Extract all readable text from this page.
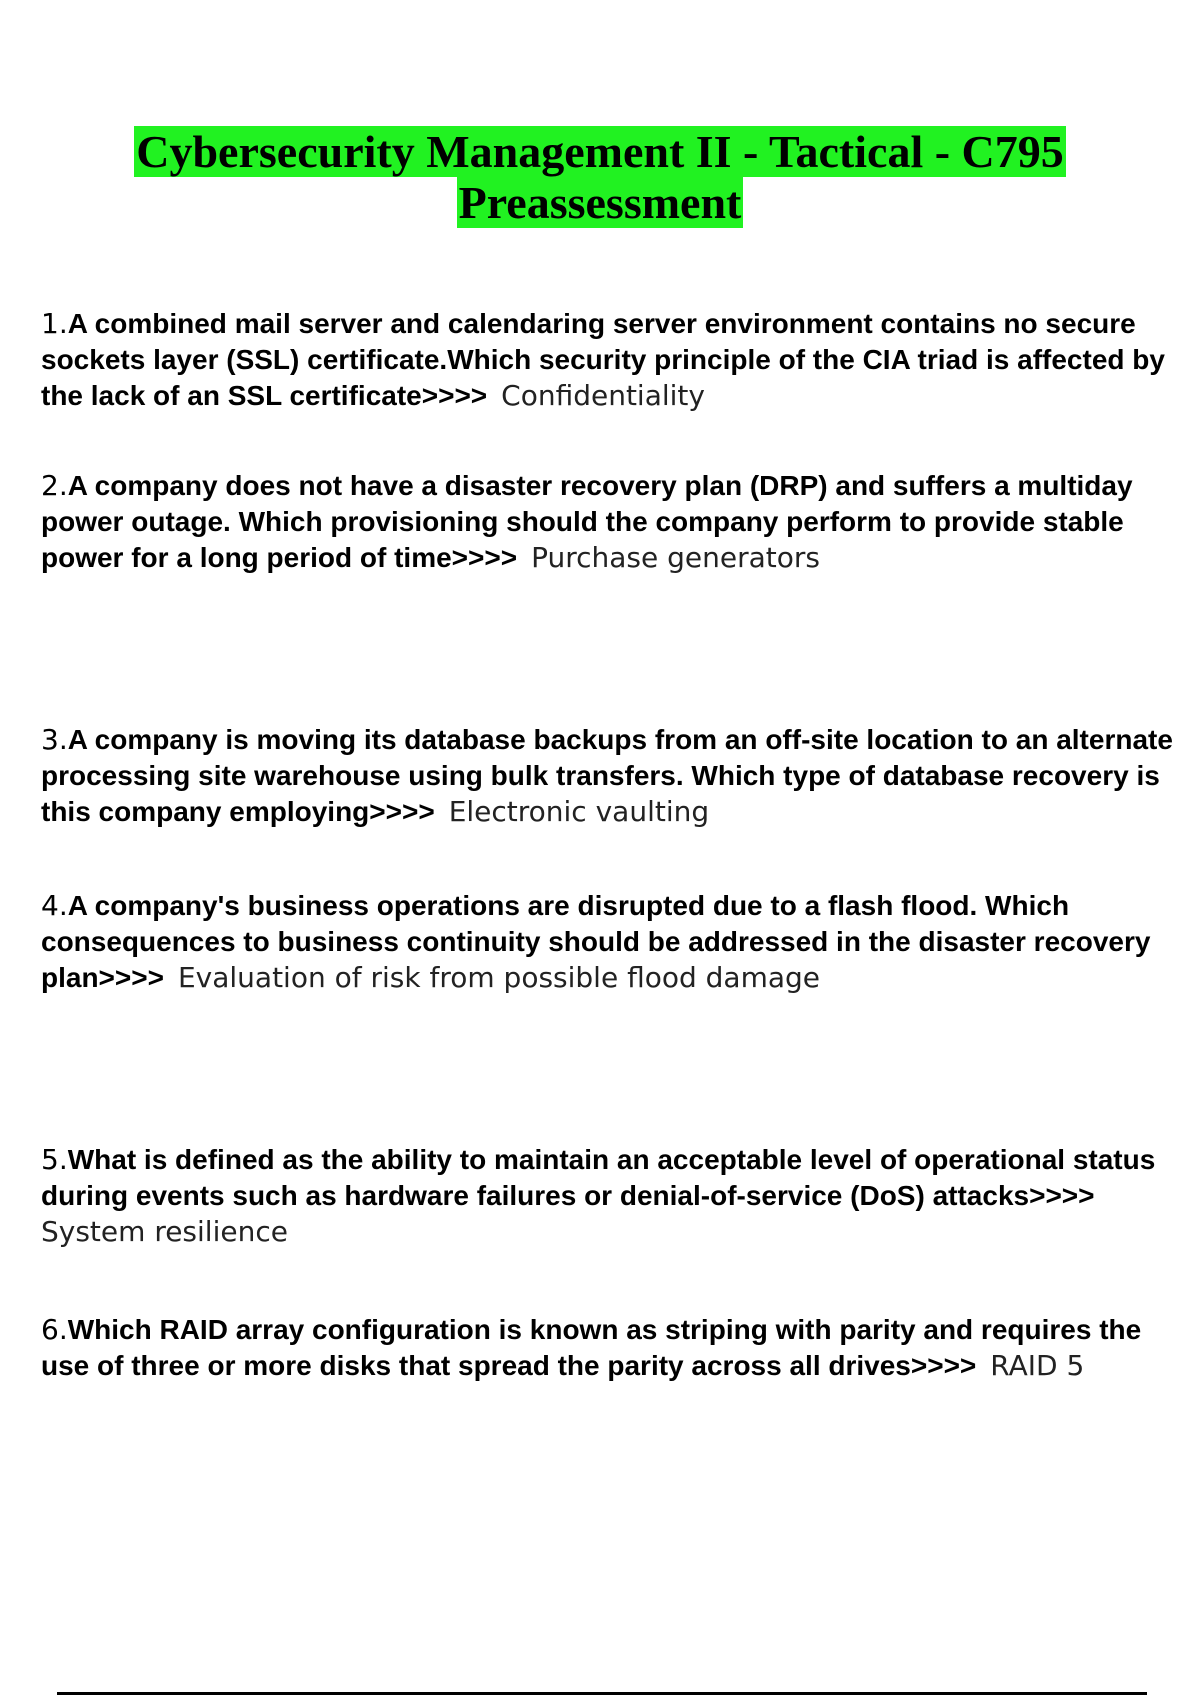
Cybersecurity Management II - Tactical - C795
Preassessment
1.A combined mail server and calendaring server environment contains no secure sockets layer (SSL) certificate.Which security principle of the CIA triad is affected by the lack of an SSL certificate>>>> Confidentiality
2.A company does not have a disaster recovery plan (DRP) and suffers a multiday power outage. Which provisioning should the company perform to provide stable power for a long period of time>>>> Purchase generators
3.A company is moving its database backups from an off-site location to an alternate processing site warehouse using bulk transfers. Which type of database recovery is this company employing>>>> Electronic vaulting
4.A company's business operations are disrupted due to a flash flood. Which consequences to business continuity should be addressed in the disaster recovery plan>>>> Evaluation of risk from possible flood damage
5.What is defined as the ability to maintain an acceptable level of operational status during events such as hardware failures or denial-of-service (DoS) attacks>>>>  System resilience
6.Which RAID array configuration is known as striping with parity and requires the use of three or more disks that spread the parity across all drives>>>> RAID 5
